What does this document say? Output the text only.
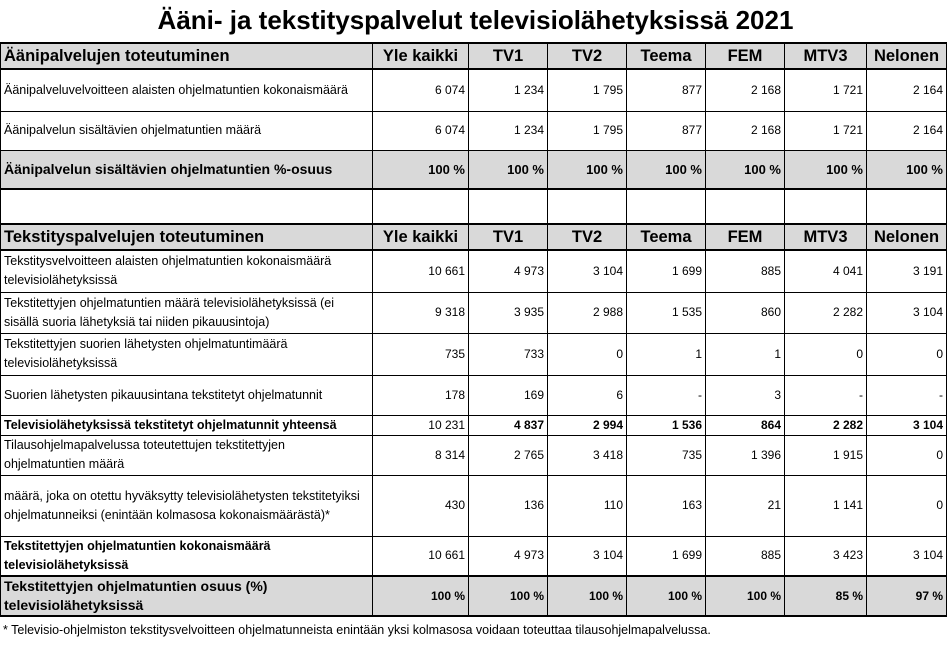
Ääni- ja tekstityspalvelut televisiolähetyksissä 2021
Äänipalvelujen toteutuminen	Yle kaikki	TV1	TV2	Teema	FEM	MTV3	Nelonen
Äänipalveluvelvoitteen alaisten ohjelmatuntien kokonaismäärä	6 074	1 234	1 795	877	2 168	1 721	2 164
Äänipalvelun sisältävien ohjelmatuntien määrä	6 074	1 234	1 795	877	2 168	1 721	2 164
Äänipalvelun sisältävien ohjelmatuntien %-osuus	100 %	100 %	100 %	100 %	100 %	100 %	100 %

Tekstityspalvelujen toteutuminen	Yle kaikki	TV1	TV2	Teema	FEM	MTV3	Nelonen
Tekstitysvelvoitteen alaisten ohjelmatuntien kokonaismäärä televisiolähetyksissä	10 661	4 973	3 104	1 699	885	4 041	3 191
Tekstitettyjen ohjelmatuntien määrä televisiolähetyksissä (ei sisällä suoria lähetyksiä tai niiden pikauusintoja)	9 318	3 935	2 988	1 535	860	2 282	3 104
Tekstitettyjen suorien lähetysten ohjelmatuntimäärä televisiolähetyksissä	735	733	0	1	1	0	0
Suorien lähetysten pikauusintana tekstitetyt ohjelmatunnit	178	169	6	-	3	-	-
Televisiolähetyksissä tekstitetyt ohjelmatunnit yhteensä	10 231	4 837	2 994	1 536	864	2 282	3 104
Tilausohjelmapalvelussa toteutettujen tekstitettyjen ohjelmatuntien määrä	8 314	2 765	3 418	735	1 396	1 915	0
määrä, joka on otettu hyväksytty televisiolähetysten tekstitetyiksi ohjelmatunneiksi (enintään kolmasosa kokonaismäärästä)*	430	136	110	163	21	1 141	0
Tekstitettyjen ohjelmatuntien kokonaismäärä televisiolähetyksissä	10 661	4 973	3 104	1 699	885	3 423	3 104
Tekstitettyjen ohjelmatuntien osuus (%) televisiolähetyksissä	100 %	100 %	100 %	100 %	100 %	85 %	97 %
* Televisio-ohjelmiston tekstitysvelvoitteen ohjelmatunneista enintään yksi kolmasosa voidaan toteuttaa tilausohjelmapalvelussa.
